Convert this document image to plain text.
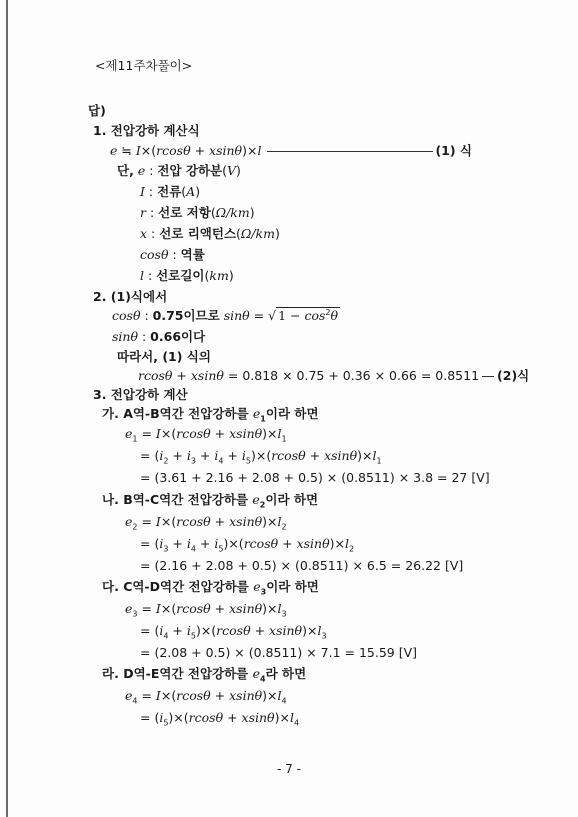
<제11주차풀이>
답)
1. 전압강하 계산식
e ≒ I×(rcosθ + xsinθ)×l	(1) 식
단, e : 전압 강하분(V)
I : 전류(A)
r : 선로 저항(Ω/km)
x : 선로 리액턴스(Ω/km)
cosθ : 역률
l : 선로길이(km)
2. (1)식에서
cosθ : 0.75이므로 sinθ = √ $1 - \cos^2\theta$
sinθ : 0.66이다
따라서, (1) 식의
rcosθ + xsinθ = 0.818 × 0.75 + 0.36 × 0.66 = 0.8511 (2)식
3. 전압강하 계산
가. A역-B역간 전압강하를 $e_1$이라 하면
$e_1 = I\times(rcos\theta + xsin\theta)\times l_1$
= $(i_2 + i_3 + i_4 + i_5)\times(rcos\theta + xsin\theta)\times l_1$
= (3.61 + 2.16 + 2.08 + 0.5) × (0.8511) × 3.8 = 27 [V]
나. B역-C역간 전압강하를 $e_2$이라 하면
$e_2 = I\times(rcos\theta + xsin\theta)\times l_2$
= $(i_3 + i_4 + i_5)\times(rcos\theta + xsin\theta)\times l_2$
= (2.16 + 2.08 + 0.5) × (0.8511) × 6.5 = 26.22 [V]
다. C역-D역간 전압강하를 $e_3$이라 하면
$e_3 = I\times(rcos\theta + xsin\theta)\times l_3$
= $(i_4 + i_5)\times(rcos\theta + xsin\theta)\times l_3$
= (2.08 + 0.5) × (0.8511) × 7.1 = 15.59 [V]
라. D역-E역간 전압강하를 $e_4$라 하면
$e_4 = I\times(rcos\theta + xsin\theta)\times l_4$
= $(i_5)\times(rcos\theta + xsin\theta)\times l_4$
- 7 -
